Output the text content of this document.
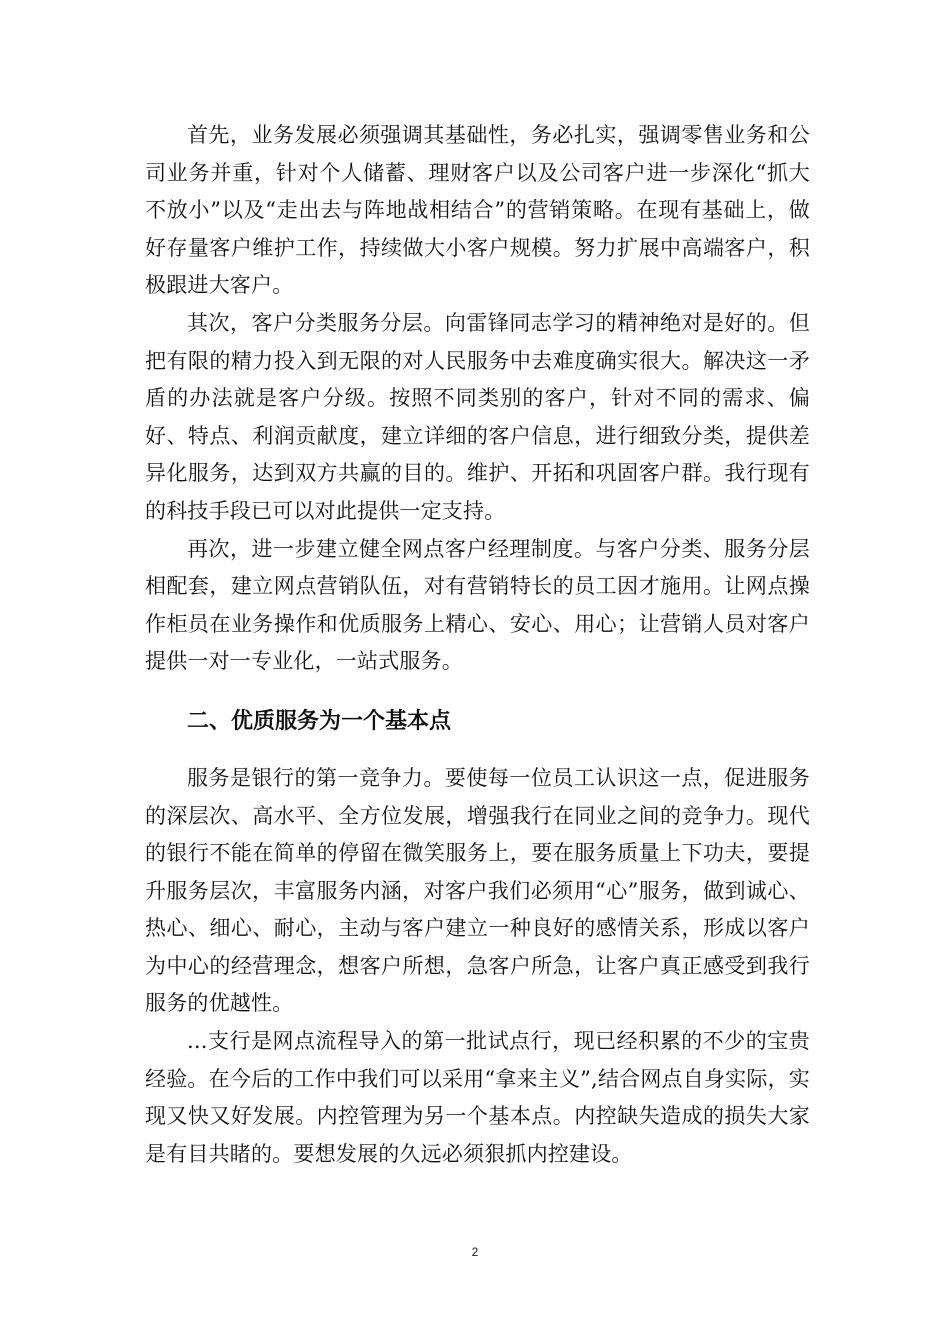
首先，业务发展必须强调其基础性，务必扎实，强调零售业务和公司业务并重，针对个人储蓄、理财客户以及公司客户进一步深化“抓大不放小”以及“走出去与阵地战相结合”的营销策略。在现有基础上，做好存量客户维护工作，持续做大小客户规模。努力扩展中高端客户，积极跟进大客户。

其次，客户分类服务分层。向雷锋同志学习的精神绝对是好的。但把有限的精力投入到无限的对人民服务中去难度确实很大。解决这一矛盾的办法就是客户分级。按照不同类别的客户，针对不同的需求、偏好、特点、利润贡献度，建立详细的客户信息，进行细致分类，提供差异化服务，达到双方共赢的目的。维护、开拓和巩固客户群。我行现有的科技手段已可以对此提供一定支持。

再次，进一步建立健全网点客户经理制度。与客户分类、服务分层相配套，建立网点营销队伍，对有营销特长的员工因才施用。让网点操作柜员在业务操作和优质服务上精心、安心、用心；让营销人员对客户提供一对一专业化，一站式服务。

二、优质服务为一个基本点

服务是银行的第一竞争力。要使每一位员工认识这一点，促进服务的深层次、高水平、全方位发展，增强我行在同业之间的竞争力。现代的银行不能在简单的停留在微笑服务上，要在服务质量上下功夫，要提升服务层次，丰富服务内涵，对客户我们必须用“心”服务，做到诚心、热心、细心、耐心，主动与客户建立一种良好的感情关系，形成以客户为中心的经营理念，想客户所想，急客户所急，让客户真正感受到我行服务的优越性。

...支行是网点流程导入的第一批试点行，现已经积累的不少的宝贵经验。在今后的工作中我们可以采用“拿来主义”,结合网点自身实际，实现又快又好发展。内控管理为另一个基本点。内控缺失造成的损失大家是有目共睹的。要想发展的久远必须狠抓内控建设。

2
